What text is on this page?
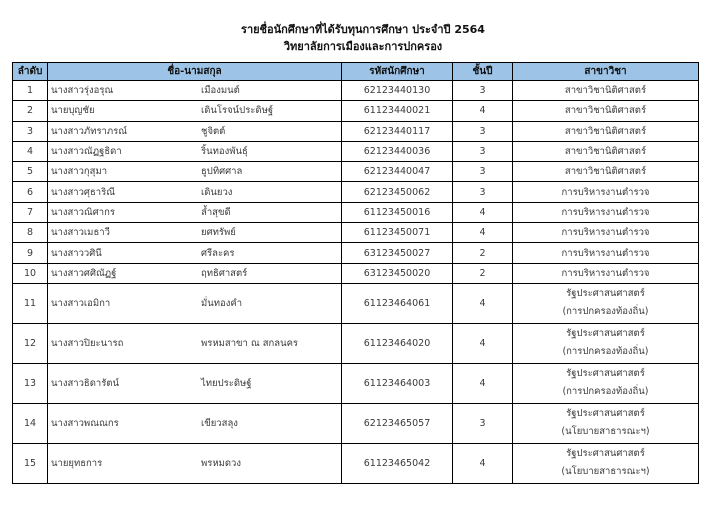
รายชื่อนักศึกษาที่ได้รับทุนการศึกษา ประจำปี 2564
วิทยาลัยการเมืองและการปกครอง
ลำดับ	ชื่อ-นามสกุล	รหัสนักศึกษา	ชั้นปี	สาขาวิชา
1	นางสาวรุ่งอรุณ เมืองมนต์	62123440130	3	สาขาวิชานิติศาสตร์
2	นายบุญชัย เดินโรจน์ประดิษฐ์	61123440021	4	สาขาวิชานิติศาสตร์
3	นางสาวภัทราภรณ์ ชูจิตต์	62123440117	3	สาขาวิชานิติศาสตร์
4	นางสาวณัฏฐธิดา ริ้นทองพันธ์ุ	62123440036	3	สาขาวิชานิติศาสตร์
5	นางสาวกุสุมา ธูปทิศศาล	62123440047	3	สาขาวิชานิติศาสตร์
6	นางสาวศุธาริณี เดินยวง	62123450062	3	การบริหารงานตำรวจ
7	นางสาวณิศากร ล้ำสุขดี	61123450016	4	การบริหารงานตำรวจ
8	นางสาวเมธาวี ยศทรัพย์	61123450071	4	การบริหารงานตำรวจ
9	นางสาววศินี ศรีละคร	63123450027	2	การบริหารงานตำรวจ
10	นางสาวศศิณัฏฐ์ ฤทธิศาสตร์	63123450020	2	การบริหารงานตำรวจ
11	นางสาวเอมิกา มั่นทองคำ	61123464061	4	รัฐประศาสนศาสตร์
(การปกครองท้องถิ่น)

12	นางสาวปิยะนารถ พรหมสาขา ณ สกลนคร	61123464020	4	รัฐประศาสนศาสตร์
(การปกครองท้องถิ่น)

13	นางสาวธิดารัตน์ ไทยประดิษฐ์	61123464003	4	รัฐประศาสนศาสตร์
(การปกครองท้องถิ่น)

14	นางสาวพณณกร เขียวสลุง	62123465057	3	รัฐประศาสนศาสตร์
(นโยบายสาธารณะฯ)

15	นายยุทธการ พรหมดวง	61123465042	4	รัฐประศาสนศาสตร์
(นโยบายสาธารณะฯ)
